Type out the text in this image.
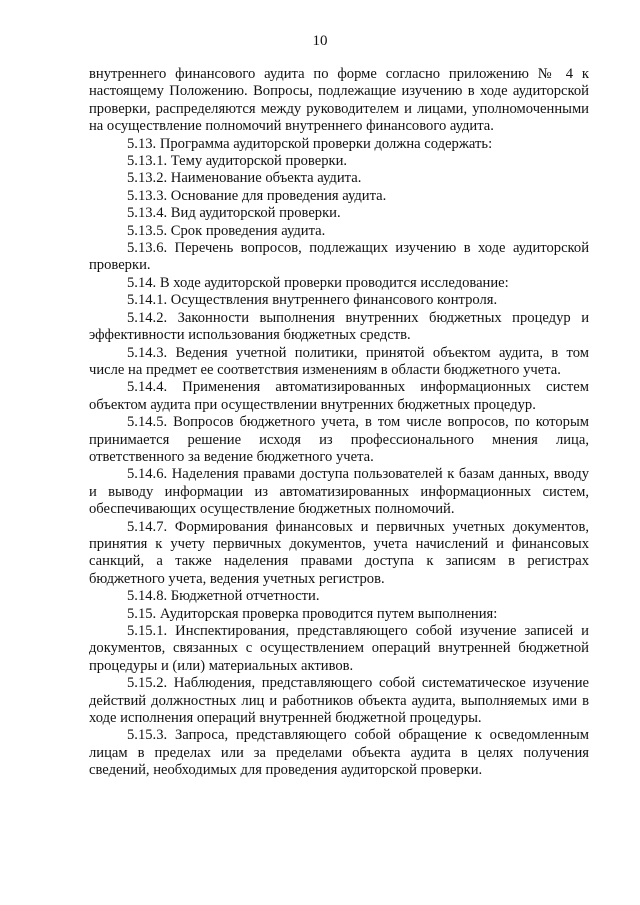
10

внутреннего финансового аудита по форме согласно приложению № 4 к настоящему Положению. Вопросы, подлежащие изучению в ходе аудиторской проверки, распределяются между руководителем и лицами, уполномоченными на осуществление полномочий внутреннего финансового аудита.

5.13. Программа аудиторской проверки должна содержать:

5.13.1. Тему аудиторской проверки.

5.13.2. Наименование объекта аудита.

5.13.3. Основание для проведения аудита.

5.13.4. Вид аудиторской проверки.

5.13.5. Срок проведения аудита.

5.13.6. Перечень вопросов, подлежащих изучению в ходе аудиторской проверки.

5.14. В ходе аудиторской проверки проводится исследование:

5.14.1. Осуществления внутреннего финансового контроля.

5.14.2. Законности выполнения внутренних бюджетных процедур и эффективности использования бюджетных средств.

5.14.3. Ведения учетной политики, принятой объектом аудита, в том числе на предмет ее соответствия изменениям в области бюджетного учета.

5.14.4. Применения автоматизированных информационных систем объектом аудита при осуществлении внутренних бюджетных процедур.

5.14.5. Вопросов бюджетного учета, в том числе вопросов, по которым принимается решение исходя из профессионального мнения лица, ответственного за ведение бюджетного учета.

5.14.6. Наделения правами доступа пользователей к базам данных, вводу и выводу информации из автоматизированных информационных систем, обеспечивающих осуществление бюджетных полномочий.

5.14.7. Формирования финансовых и первичных учетных документов, принятия к учету первичных документов, учета начислений и финансовых санкций, а также наделения правами доступа к записям в регистрах бюджетного учета, ведения учетных регистров.

5.14.8. Бюджетной отчетности.

5.15. Аудиторская проверка проводится путем выполнения:

5.15.1. Инспектирования, представляющего собой изучение записей и документов, связанных с осуществлением операций внутренней бюджетной процедуры и (или) материальных активов.

5.15.2. Наблюдения, представляющего собой систематическое изучение действий должностных лиц и работников объекта аудита, выполняемых ими в ходе исполнения операций внутренней бюджетной процедуры.

5.15.3. Запроса, представляющего собой обращение к осведомленным лицам в пределах или за пределами объекта аудита в целях получения сведений, необходимых для проведения аудиторской проверки.
